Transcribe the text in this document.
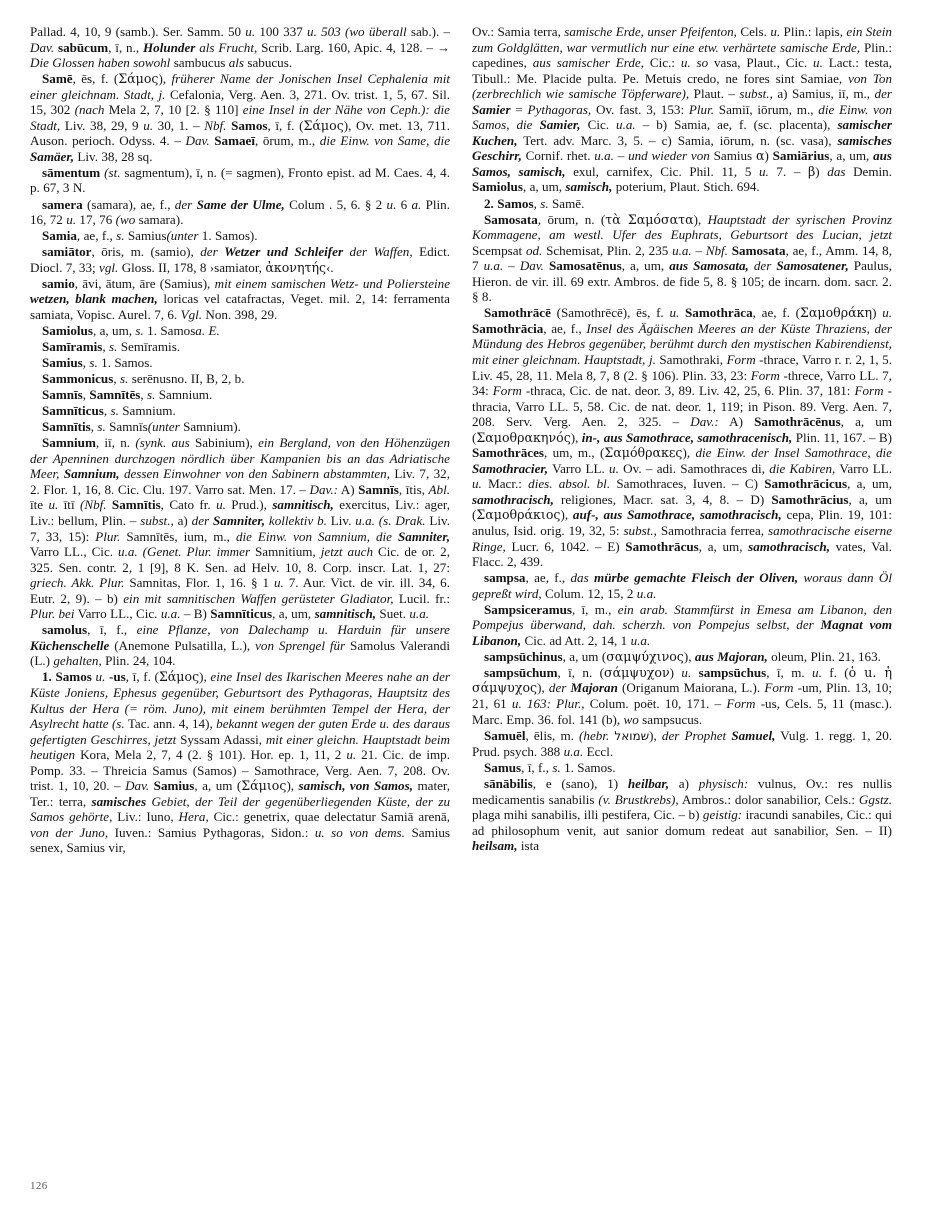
Pallad. 4, 10, 9 (samb.). Ser. Samm. 50 u. 100 337 u. 503 (wo überall sab.). – Dav. sabūcum, ī, n., Holunder als Frucht, Scrib. Larg. 160, Apic. 4, 128. – → Die Glossen haben sowohl sambucus als sabucus.

Samē, ēs, f. (Σάμος), früherer Name der Jonischen Insel Cephalenia mit einer gleichnam. Stadt, j. Cefalonia, Verg. Aen. 3, 271. Ov. trist. 1, 5, 67. Sil. 15, 302 (nach Mela 2, 7, 10 [2. § 110] eine Insel in der Nähe von Ceph.): die Stadt, Liv. 38, 29, 9 u. 30, 1. – Nbf. Samos, ī, f. (Σάμος), Ov. met. 13, 711. Auson. perioch. Odyss. 4. – Dav. Samaeī, ōrum, m., die Einw. von Same, die Samäer, Liv. 38, 28 sq.

sāmentum (st. sagmentum), ī, n. (= sagmen), Fronto epist. ad M. Caes. 4, 4. p. 67, 3 N.

samera (samara), ae, f., der Same der Ulme, Colum . 5, 6. § 2 u. 6 a. Plin. 16, 72 u. 17, 76 (wo samara).

Samia, ae, f., s. Samius(unter 1. Samos).

samiātor, ōris, m. (samio), der Wetzer und Schleifer der Waffen, Edict. Diocl. 7, 33; vgl. Gloss. II, 178, 8 ›samiator, ἀκονητής‹.

samio, āvi, ātum, āre (Samius), mit einem samischen Wetz- und Poliersteine wetzen, blank machen, loricas vel catafractas, Veget. mil. 2, 14: ferramenta samiata, Vopisc. Aurel. 7, 6. Vgl. Non. 398, 29.

Samiolus, a, um, s. 1. Samosa. E.

Samīramis, s. Semīramis.

Samius, s. 1. Samos.

Sammonicus, s. serēnusno. II, B, 2, b.

Samnīs, Samnītēs, s. Samnium.

Samnīticus, s. Samnium.

Samnītis, s. Samnīs(unter Samnium).

Samnium, iī, n. (synk. aus Sabinium), ein Bergland, von den Höhenzügen der Apenninen durchzogen nördlich über Kampanien bis an das Adriatische Meer, Samnium, dessen Einwohner von den Sabinern abstammten, Liv. 7, 32, 2. Flor. 1, 16, 8. Cic. Clu. 197. Varro sat. Men. 17. – Dav.: A) Samnīs, ītis, Abl. īte u. ītī (Nbf. Samnītis, Cato fr. u. Prud.), samnitisch, exercitus, Liv.: ager, Liv.: bellum, Plin. – subst., a) der Samniter, kollektiv b. Liv. u.a. (s. Drak. Liv. 7, 33, 15): Plur. Samnītēs, ium, m., die Einw. von Samnium, die Samniter, Varro LL., Cic. u.a. (Genet. Plur. immer Samnitium, jetzt auch Cic. de or. 2, 325. Sen. contr. 2, 1 [9], 8 K. Sen. ad Helv. 10, 8. Corp. inscr. Lat. 1, 27: griech. Akk. Plur. Samnitas, Flor. 1, 16. § 1 u. 7. Aur. Vict. de vir. ill. 34, 6. Eutr. 2, 9). – b) ein mit samnitischen Waffen gerüsteter Gladiator, Lucil. fr.: Plur. bei Varro LL., Cic. u.a. – B) Samnīticus, a, um, samnitisch, Suet. u.a.

samolus, ī, f., eine Pflanze, von Dalechamp u. Harduin für unsere Küchenschelle (Anemone Pulsatilla, L.), von Sprengel für Samolus Valerandi (L.) gehalten, Plin. 24, 104.

1. Samos u. -us, ī, f. (Σάμος), eine Insel des Ikarischen Meeres nahe an der Küste Joniens, Ephesus gegenüber, Geburtsort des Pythagoras, Hauptsitz des Kultus der Hera (= röm. Juno), mit einem berühmten Tempel der Hera, der Asylrecht hatte (s. Tac. ann. 4, 14), bekannt wegen der guten Erde u. des daraus gefertigten Geschirres, jetzt Syssam Adassi, mit einer gleichn. Hauptstadt beim heutigen Kora, Mela 2, 7, 4 (2. § 101). Hor. ep. 1, 11, 2 u. 21. Cic. de imp. Pomp. 33. – Threicia Samus (Samos) – Samothrace, Verg. Aen. 7, 208. Ov. trist. 1, 10, 20. – Dav. Samius, a, um (Σάμιος), samisch, von Samos, mater, Ter.: terra, samisches Gebiet, der Teil der gegenüberliegenden Küste, der zu Samos gehörte, Liv.: Iuno, Hera, Cic.: genetrix, quae delectatur Samiā arenā, von der Juno, Iuven.: Samius Pythagoras, Sidon.: u. so von dems. Samius senex, Samius vir,

Ov.: Samia terra, samische Erde, unser Pfeifenton, Cels. u. Plin.: lapis, ein Stein zum Goldglätten, war vermutlich nur eine etw. verhärtete samische Erde, Plin.: capedines, aus samischer Erde, Cic.: u. so vasa, Plaut., Cic. u. Lact.: testa, Tibull.: Me. Placide pulta. Pe. Metuis credo, ne fores sint Samiae, von Ton (zerbrechlich wie samische Töpferware), Plaut. – subst., a) Samius, iī, m., der Samier = Pythagoras, Ov. fast. 3, 153: Plur. Samiī, iōrum, m., die Einw. von Samos, die Samier, Cic. u.a. – b) Samia, ae, f. (sc. placenta), samischer Kuchen, Tert. adv. Marc. 3, 5. – c) Samia, iōrum, n. (sc. vasa), samisches Geschirr, Cornif. rhet. u.a. – und wieder von Samius α) Samiārius, a, um, aus Samos, samisch, exul, carnifex, Cic. Phil. 11, 5 u. 7. – β) das Demin. Samiolus, a, um, samisch, poterium, Plaut. Stich. 694.

2. Samos, s. Samē.

Samosata, ōrum, n. (τὰ Σαμόσατα), Hauptstadt der syrischen Provinz Kommagene, am westl. Ufer des Euphrats, Geburtsort des Lucian, jetzt Scempsat od. Schemisat, Plin. 2, 235 u.a. – Nbf. Samosata, ae, f., Amm. 14, 8, 7 u.a. – Dav. Samosatēnus, a, um, aus Samosata, der Samosatener, Paulus, Hieron. de vir. ill. 69 extr. Ambros. de fide 5, 8. § 105; de incarn. dom. sacr. 2. § 8.

Samothrācē (Samothrēcē), ēs, f. u. Samothrāca, ae, f. (Σαμοθράκη) u. Samothrācia, ae, f., Insel des Ägäischen Meeres an der Küste Thraziens, der Mündung des Hebros gegenüber, berühmt durch den mystischen Kabirendienst, mit einer gleichnam. Hauptstadt, j. Samothraki, Form -thrace, Varro r. r. 2, 1, 5. Liv. 45, 28, 11. Mela 8, 7, 8 (2. § 106). Plin. 33, 23: Form -threce, Varro LL. 7, 34: Form -thraca, Cic. de nat. deor. 3, 89. Liv. 42, 25, 6. Plin. 37, 181: Form -thracia, Varro LL. 5, 58. Cic. de nat. deor. 1, 119; in Pison. 89. Verg. Aen. 7, 208. Serv. Verg. Aen. 2, 325. – Dav.: A) Samothrācēnus, a, um (Σαμοθρακηνός), in-, aus Samothrace, samothracenisch, Plin. 11, 167. – B) Samothrāces, um, m., (Σαμόθρακες), die Einw. der Insel Samothrace, die Samothracier, Varro LL. u. Ov. – adi. Samothraces di, die Kabiren, Varro LL. u. Macr.: dies. absol. bl. Samothraces, Iuven. – C) Samothrācicus, a, um, samothracisch, religiones, Macr. sat. 3, 4, 8. – D) Samothrācius, a, um (Σαμοθράκιος), auf-, aus Samothrace, samothracisch, cepa, Plin. 19, 101: anulus, Isid. orig. 19, 32, 5: subst., Samothracia ferrea, samothracische eiserne Ringe, Lucr. 6, 1042. – E) Samothrācus, a, um, samothracisch, vates, Val. Flacc. 2, 439.

sampsa, ae, f., das mürbe gemachte Fleisch der Oliven, woraus dann Öl gepreßt wird, Colum. 12, 15, 2 u.a.

Sampsiceramus, ī, m., ein arab. Stammfürst in Emesa am Libanon, den Pompejus überwand, dah. scherzh. von Pompejus selbst, der Magnat vom Libanon, Cic. ad Att. 2, 14, 1 u.a.

sampsūchinus, a, um (σαμψύχινος), aus Majoran, oleum, Plin. 21, 163.

sampsūchum, ī, n. (σάμψυχον) u. sampsūchus, ī, m. u. f. (ὁ u. ἡ σάμψυχος), der Majoran (Origanum Maiorana, L.). Form -um, Plin. 13, 10; 21, 61 u. 163: Plur., Colum. poët. 10, 171. – Form -us, Cels. 5, 11 (masc.). Marc. Emp. 36. fol. 141 (b), wo sampsucus.

Samuēl, ēlis, m. (hebr. שמואל), der Prophet Samuel, Vulg. 1. regg. 1, 20. Prud. psych. 388 u.a. Eccl.

Samus, ī, f., s. 1. Samos.

sānābilis, e (sano), 1) heilbar, a) physisch: vulnus, Ov.: res nullis medicamentis sanabilis (v. Brustkrebs), Ambros.: dolor sanabilior, Cels.: Ggstz. plaga mihi sanabilis, illi pestifera, Cic. – b) geistig: iracundi sanabiles, Cic.: qui ad philosophum venit, aut sanior domum redeat aut sanabilior, Sen. – II) heilsam, ista

126
